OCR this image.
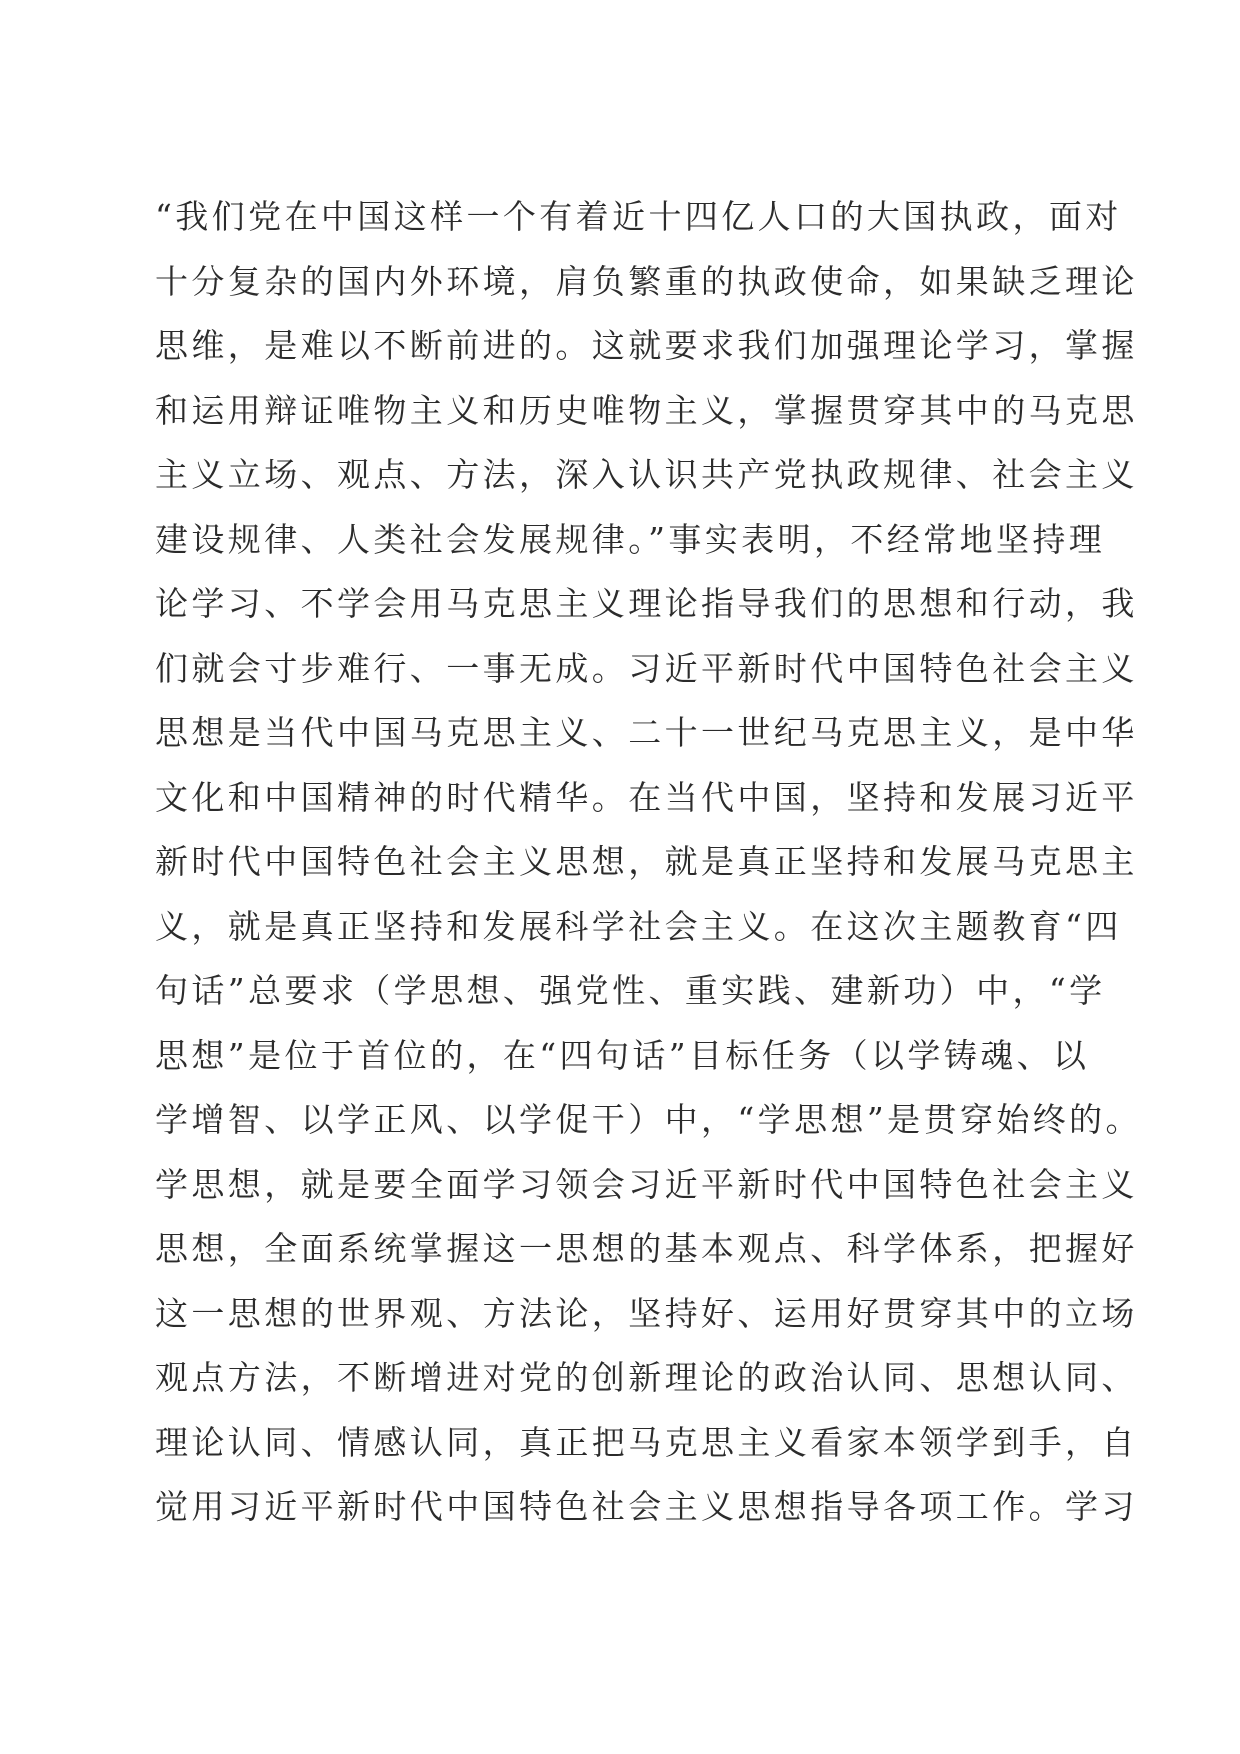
“我们党在中国这样一个有着近十四亿人口的大国执政，面对
十分复杂的国内外环境，肩负繁重的执政使命，如果缺乏理论
思维，是难以不断前进的。这就要求我们加强理论学习，掌握
和运用辩证唯物主义和历史唯物主义，掌握贯穿其中的马克思
主义立场、观点、方法，深入认识共产党执政规律、社会主义
建设规律、人类社会发展规律。”事实表明，不经常地坚持理
论学习、不学会用马克思主义理论指导我们的思想和行动，我
们就会寸步难行、一事无成。习近平新时代中国特色社会主义
思想是当代中国马克思主义、二十一世纪马克思主义，是中华
文化和中国精神的时代精华。在当代中国，坚持和发展习近平
新时代中国特色社会主义思想，就是真正坚持和发展马克思主
义，就是真正坚持和发展科学社会主义。在这次主题教育“四
句话”总要求（学思想、强党性、重实践、建新功）中，“学
思想”是位于首位的，在“四句话”目标任务（以学铸魂、以
学增智、以学正风、以学促干）中，“学思想”是贯穿始终的。
学思想，就是要全面学习领会习近平新时代中国特色社会主义
思想，全面系统掌握这一思想的基本观点、科学体系，把握好
这一思想的世界观、方法论，坚持好、运用好贯穿其中的立场
观点方法，不断增进对党的创新理论的政治认同、思想认同、
理论认同、情感认同，真正把马克思主义看家本领学到手，自
觉用习近平新时代中国特色社会主义思想指导各项工作。学习
